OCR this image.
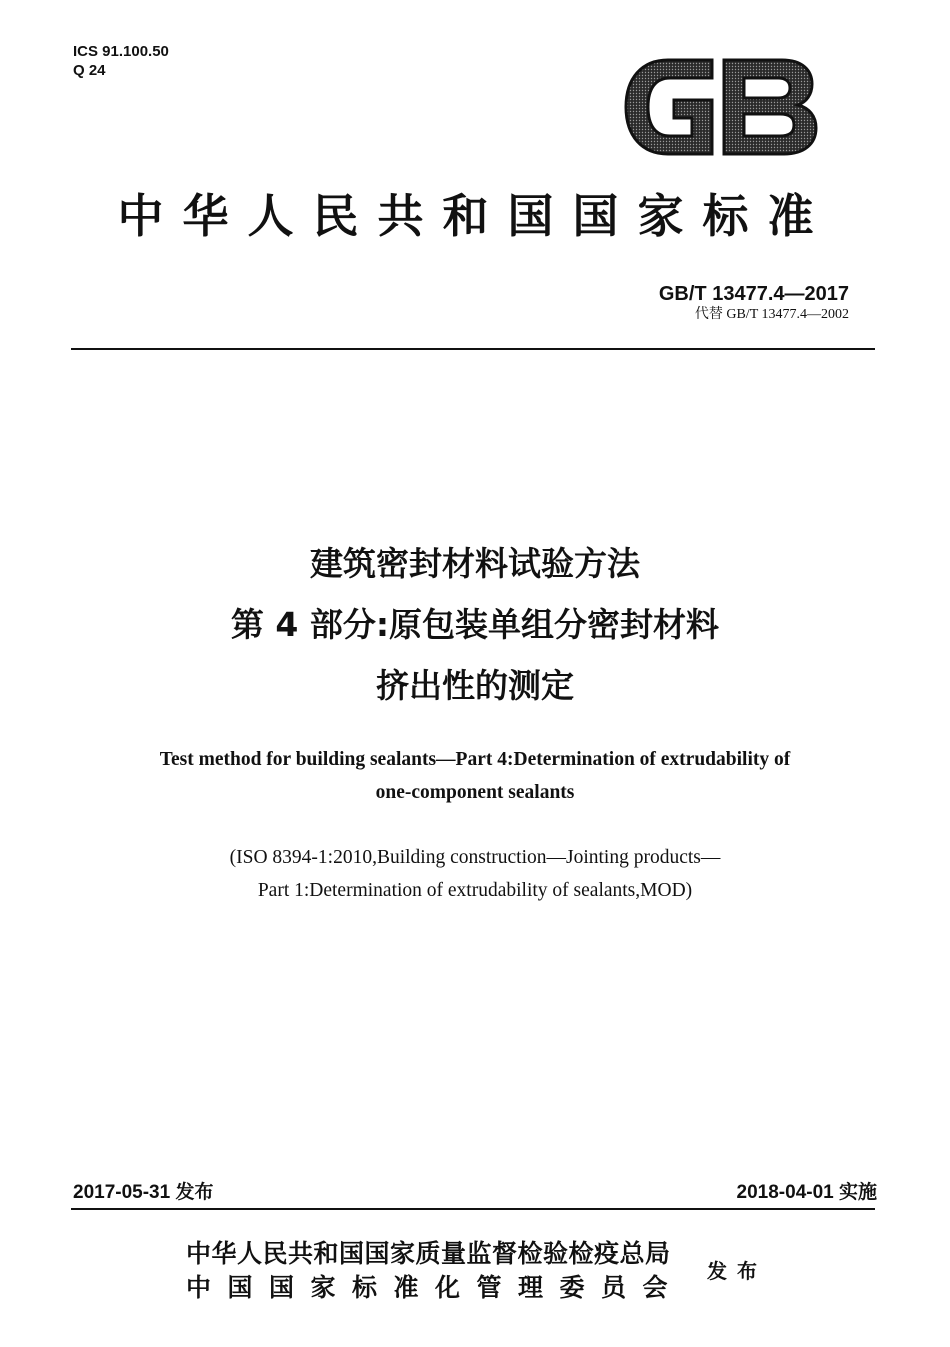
ICS 91.100.50
Q 24
中华人民共和国国家标准
GB/T 13477.4—2017
代替 GB/T 13477.4—2002
建筑密封材料试验方法
第 4 部分:原包装单组分密封材料
挤出性的测定
Test method for building sealants—Part 4:Determination of extrudability of
one-component sealants
(ISO 8394-1:2010,Building construction—Jointing products—
Part 1:Determination of extrudability of sealants,MOD)
2017-05-31 发布	2018-04-01 实施
中华人民共和国国家质量监督检验检疫总局
中国国家标准化管理委员会
发布
